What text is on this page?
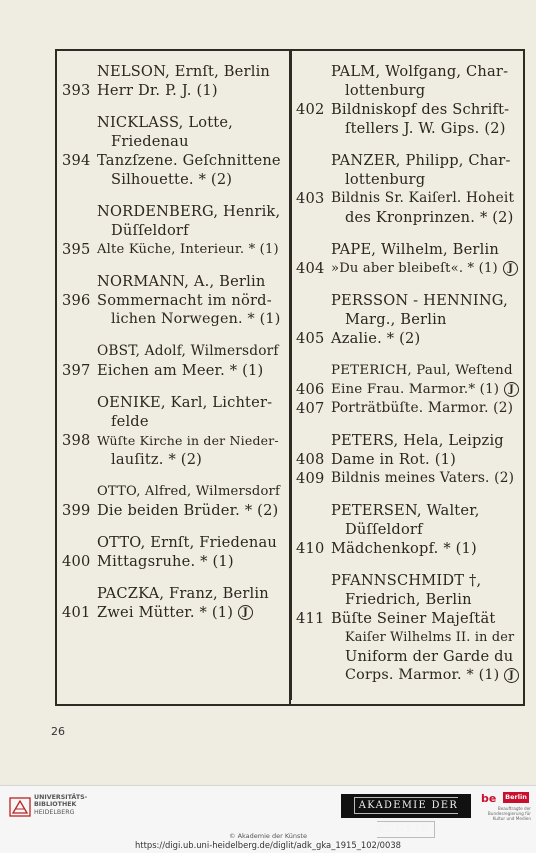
NELSON, Ernſt, Berlin
393 Herr Dr. P. J. (1)
NICKLASS, Lotte,
Friedenau
394 Tanzſzene. Geſchnittene
Silhouette. * (2)
NORDENBERG, Henrik,
Düſſeldorf
395 Alte Küche, Interieur. * (1)
NORMANN, A., Berlin
396 Sommernacht im nörd-
lichen Norwegen. * (1)
OBST, Adolf, Wilmersdorf
397 Eichen am Meer. * (1)
OENIKE, Karl, Lichter-
felde
398 Wüſte Kirche in der Nieder-
lauſitz. * (2)
OTTO, Alfred, Wilmersdorf
399 Die beiden Brüder. * (2)
OTTO, Ernſt, Friedenau
400 Mittagsruhe. * (1)
PACZKA, Franz, Berlin
401 Zwei Mütter. * (1) J
PALM, Wolfgang, Char-
lottenburg
402 Bildniskopf des Schrift-
ſtellers J. W. Gips. (2)
PANZER, Philipp, Char-
lottenburg
403 Bildnis Sr. Kaiſerl. Hoheit
des Kronprinzen. * (2)
PAPE, Wilhelm, Berlin
404 »Du aber bleibeſt«. * (1)	J
PERSSON - HENNING,
Marg., Berlin
405 Azalie. * (2)
PETERICH, Paul, Weſtend
406 Eine Frau. Marmor.* (1) J
407 Porträtbüſte. Marmor. (2)
PETERS, Hela, Leipzig
408 Dame in Rot. (1)
409 Bildnis meines Vaters. (2)
PETERSEN, Walter,
Düſſeldorf
410 Mädchenkopf. * (1)
PFANNSCHMIDT †,
Friedrich, Berlin
411 Büſte Seiner Majeſtät
Kaiſer Wilhelms II. in der
Uniform der Garde du
Corps. Marmor. * (1) J
26
UNIVERSITÄTS-
BIBLIOTHEK
HEIDELBERG
AKADEMIE DER KÜNSTE
be	Berlin
Beauftragte der Bundesregierung für Kultur und Medien
© Akademie der Künste
https://digi.ub.uni-heidelberg.de/diglit/adk_gka_1915_102/0038
